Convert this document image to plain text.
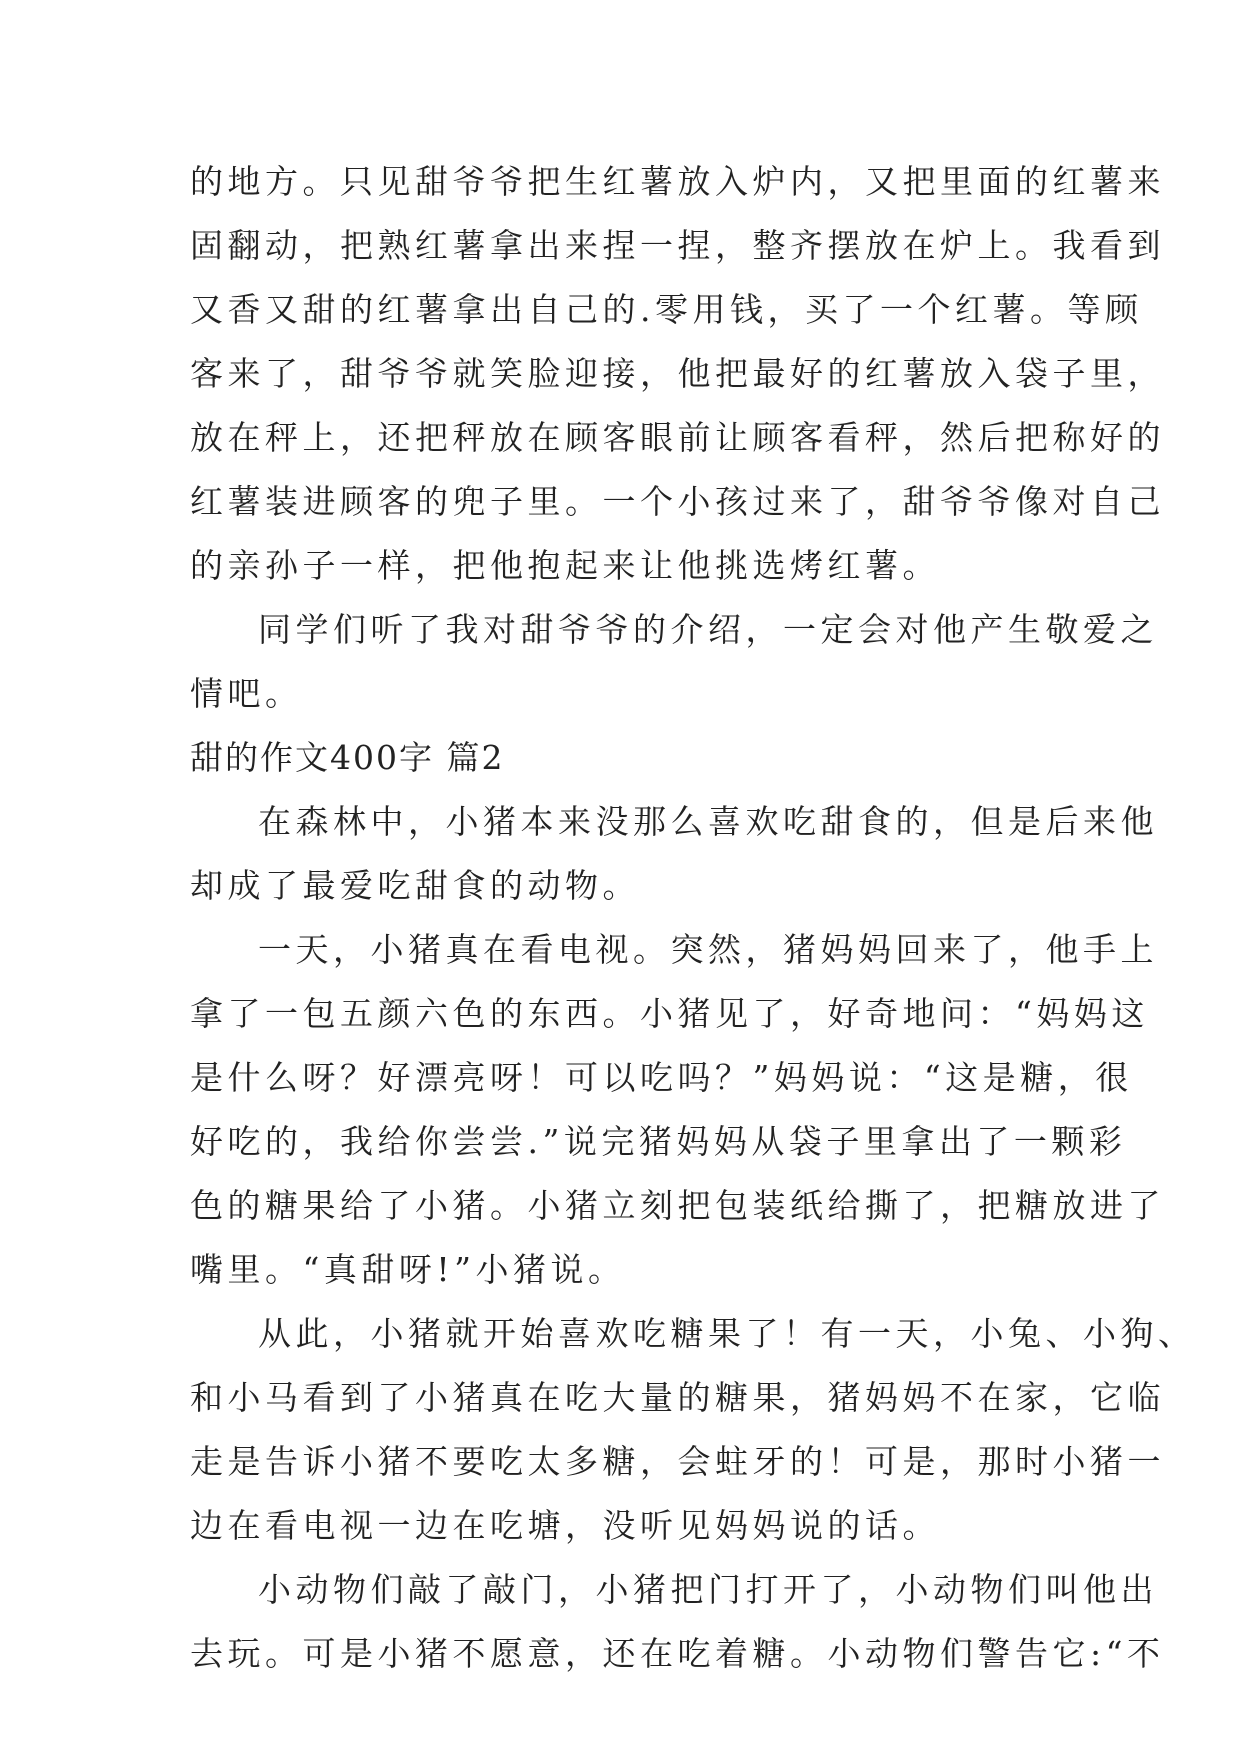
的地方。只见甜爷爷把生红薯放入炉内，又把里面的红薯来
固翻动，把熟红薯拿出来捏一捏，整齐摆放在炉上。我看到
又香又甜的红薯拿出自己的.零用钱，买了一个红薯。等顾
客来了，甜爷爷就笑脸迎接，他把最好的红薯放入袋子里，
放在秤上，还把秤放在顾客眼前让顾客看秤，然后把称好的
红薯装进顾客的兜子里。一个小孩过来了，甜爷爷像对自己
的亲孙子一样，把他抱起来让他挑选烤红薯。
同学们听了我对甜爷爷的介绍，一定会对他产生敬爱之
情吧。
甜的作文400字 篇2
在森林中，小猪本来没那么喜欢吃甜食的，但是后来他
却成了最爱吃甜食的动物。
一天，小猪真在看电视。突然，猪妈妈回来了，他手上
拿了一包五颜六色的东西。小猪见了，好奇地问：“妈妈这
是什么呀？好漂亮呀！可以吃吗？”妈妈说：“这是糖，很
好吃的，我给你尝尝.”说完猪妈妈从袋子里拿出了一颗彩
色的糖果给了小猪。小猪立刻把包装纸给撕了，把糖放进了
嘴里。“真甜呀!”小猪说。
从此，小猪就开始喜欢吃糖果了！有一天，小兔、小狗、
和小马看到了小猪真在吃大量的糖果，猪妈妈不在家，它临
走是告诉小猪不要吃太多糖，会蛀牙的！可是，那时小猪一
边在看电视一边在吃塘，没听见妈妈说的话。
小动物们敲了敲门，小猪把门打开了，小动物们叫他出
去玩。可是小猪不愿意，还在吃着糖。小动物们警告它:“不
